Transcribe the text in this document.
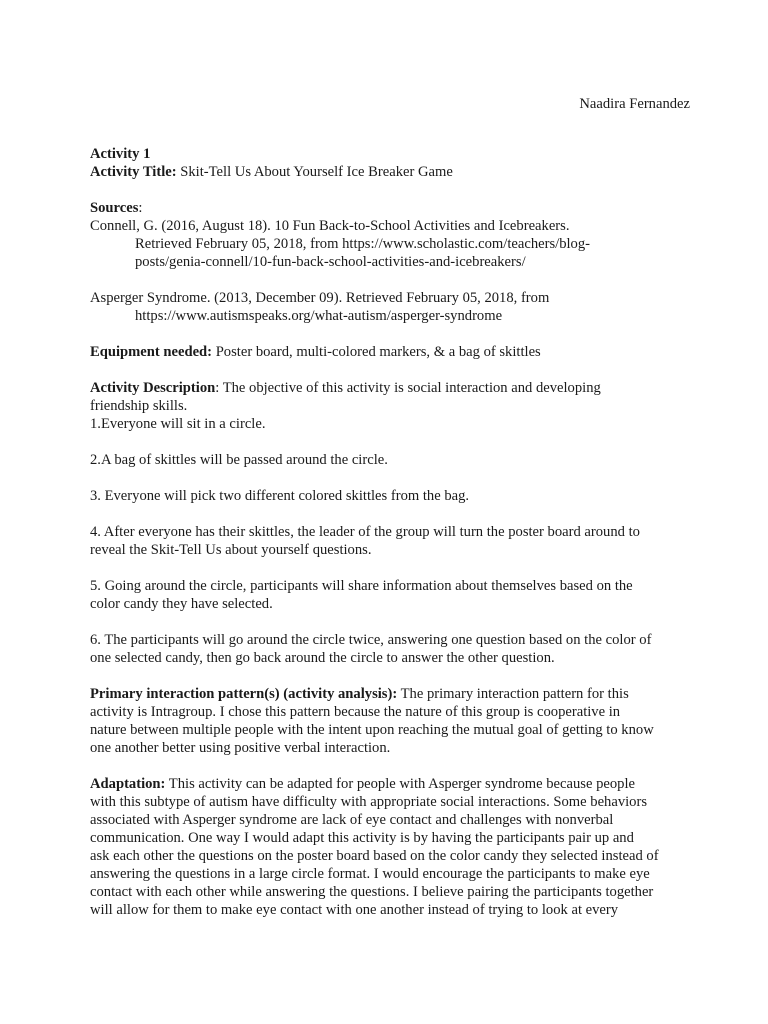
Naadira Fernandez

Activity 1

Activity Title: Skit-Tell Us About Yourself Ice Breaker Game

Sources:

Connell, G. (2016, August 18). 10 Fun Back-to-School Activities and Icebreakers.

Retrieved February 05, 2018, from https://www.scholastic.com/teachers/blog-

posts/genia-connell/10-fun-back-school-activities-and-icebreakers/

Asperger Syndrome. (2013, December 09). Retrieved February 05, 2018, from

https://www.autismspeaks.org/what-autism/asperger-syndrome

Equipment needed: Poster board, multi-colored markers, & a bag of skittles

Activity Description: The objective of this activity is social interaction and developing

friendship skills.

1.Everyone will sit in a circle.

2.A bag of skittles will be passed around the circle.

3. Everyone will pick two different colored skittles from the bag.

4. After everyone has their skittles, the leader of the group will turn the poster board around to

reveal the Skit-Tell Us about yourself questions.

5. Going around the circle, participants will share information about themselves based on the

color candy they have selected.

6. The participants will go around the circle twice, answering one question based on the color of

one selected candy, then go back around the circle to answer the other question.

Primary interaction pattern(s) (activity analysis): The primary interaction pattern for this

activity is Intragroup. I chose this pattern because the nature of this group is cooperative in

nature between multiple people with the intent upon reaching the mutual goal of getting to know

one another better using positive verbal interaction.

Adaptation: This activity can be adapted for people with Asperger syndrome because people

with this subtype of autism have difficulty with appropriate social interactions. Some behaviors

associated with Asperger syndrome are lack of eye contact and challenges with nonverbal

communication. One way I would adapt this activity is by having the participants pair up and

ask each other the questions on the poster board based on the color candy they selected instead of

answering the questions in a large circle format. I would encourage the participants to make eye

contact with each other while answering the questions. I believe pairing the participants together

will allow for them to make eye contact with one another instead of trying to look at every
